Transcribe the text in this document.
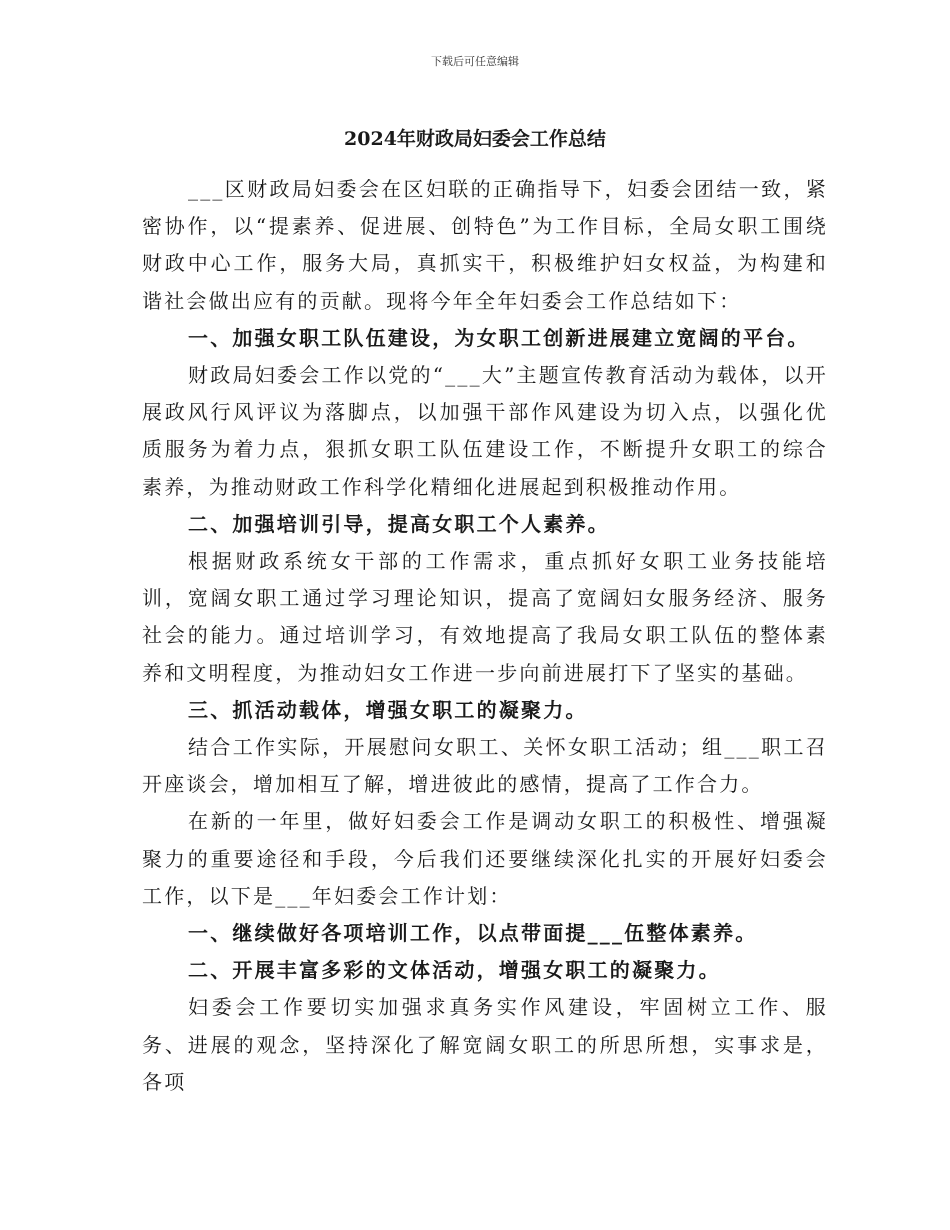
下载后可任意编辑
2024年财政局妇委会工作总结

___区财政局妇委会在区妇联的正确指导下，妇委会团结一致，紧密协作，以“提素养、促进展、创特色”为工作目标，全局女职工围绕财政中心工作，服务大局，真抓实干，积极维护妇女权益，为构建和谐社会做出应有的贡献。现将今年全年妇委会工作总结如下：

一、加强女职工队伍建设，为女职工创新进展建立宽阔的平台。

财政局妇委会工作以党的“___大”主题宣传教育活动为载体，以开展政风行风评议为落脚点，以加强干部作风建设为切入点，以强化优质服务为着力点，狠抓女职工队伍建设工作，不断提升女职工的综合素养，为推动财政工作科学化精细化进展起到积极推动作用。

二、加强培训引导，提高女职工个人素养。

根据财政系统女干部的工作需求，重点抓好女职工业务技能培训，宽阔女职工通过学习理论知识，提高了宽阔妇女服务经济、服务社会的能力。通过培训学习，有效地提高了我局女职工队伍的整体素养和文明程度，为推动妇女工作进一步向前进展打下了坚实的基础。

三、抓活动载体，增强女职工的凝聚力。

结合工作实际，开展慰问女职工、关怀女职工活动；组___职工召开座谈会，增加相互了解，增进彼此的感情，提高了工作合力。

在新的一年里，做好妇委会工作是调动女职工的积极性、增强凝聚力的重要途径和手段，今后我们还要继续深化扎实的开展好妇委会工作，以下是___年妇委会工作计划：

一、继续做好各项培训工作，以点带面提___伍整体素养。

二、开展丰富多彩的文体活动，增强女职工的凝聚力。

妇委会工作要切实加强求真务实作风建设，牢固树立工作、服务、进展的观念，坚持深化了解宽阔女职工的所思所想，实事求是，各项
